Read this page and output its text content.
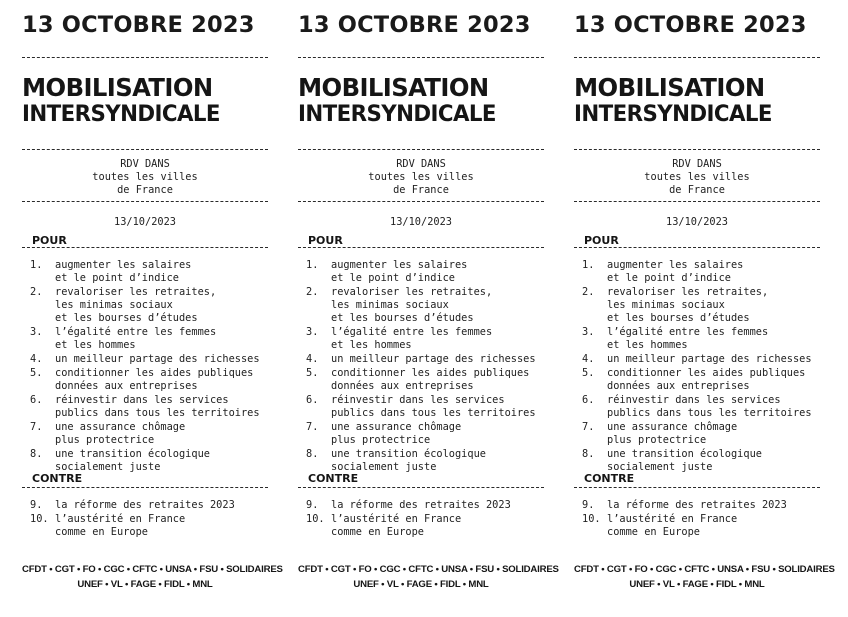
13 OCTOBRE 2023
MOBILISATION
INTERSYNDICALE
RDV DANS
toutes les villes
de France
13/10/2023
POUR
1. augmenter les salaires
et le point d’indice
2. revaloriser les retraites,
les minimas sociaux
et les bourses d’études
3. l’égalité entre les femmes
et les hommes
4. un meilleur partage des richesses
5. conditionner les aides publiques
données aux entreprises
6. réinvestir dans les services
publics dans tous les territoires
7. une assurance chômage
plus protectrice
8. une transition écologique
socialement juste
CONTRE
9. la réforme des retraites 2023
10. l’austérité en France
comme en Europe
CFDT • CGT • FO • CGC • CFTC • UNSA • FSU • SOLIDAIRES
UNEF • VL • FAGE • FIDL • MNL
13 OCTOBRE 2023
MOBILISATION
INTERSYNDICALE
RDV DANS
toutes les villes
de France
13/10/2023
POUR
1. augmenter les salaires
et le point d’indice
2. revaloriser les retraites,
les minimas sociaux
et les bourses d’études
3. l’égalité entre les femmes
et les hommes
4. un meilleur partage des richesses
5. conditionner les aides publiques
données aux entreprises
6. réinvestir dans les services
publics dans tous les territoires
7. une assurance chômage
plus protectrice
8. une transition écologique
socialement juste
CONTRE
9. la réforme des retraites 2023
10. l’austérité en France
comme en Europe
CFDT • CGT • FO • CGC • CFTC • UNSA • FSU • SOLIDAIRES
UNEF • VL • FAGE • FIDL • MNL
13 OCTOBRE 2023
MOBILISATION
INTERSYNDICALE
RDV DANS
toutes les villes
de France
13/10/2023
POUR
1. augmenter les salaires
et le point d’indice
2. revaloriser les retraites,
les minimas sociaux
et les bourses d’études
3. l’égalité entre les femmes
et les hommes
4. un meilleur partage des richesses
5. conditionner les aides publiques
données aux entreprises
6. réinvestir dans les services
publics dans tous les territoires
7. une assurance chômage
plus protectrice
8. une transition écologique
socialement juste
CONTRE
9. la réforme des retraites 2023
10. l’austérité en France
comme en Europe
CFDT • CGT • FO • CGC • CFTC • UNSA • FSU • SOLIDAIRES
UNEF • VL • FAGE • FIDL • MNL
